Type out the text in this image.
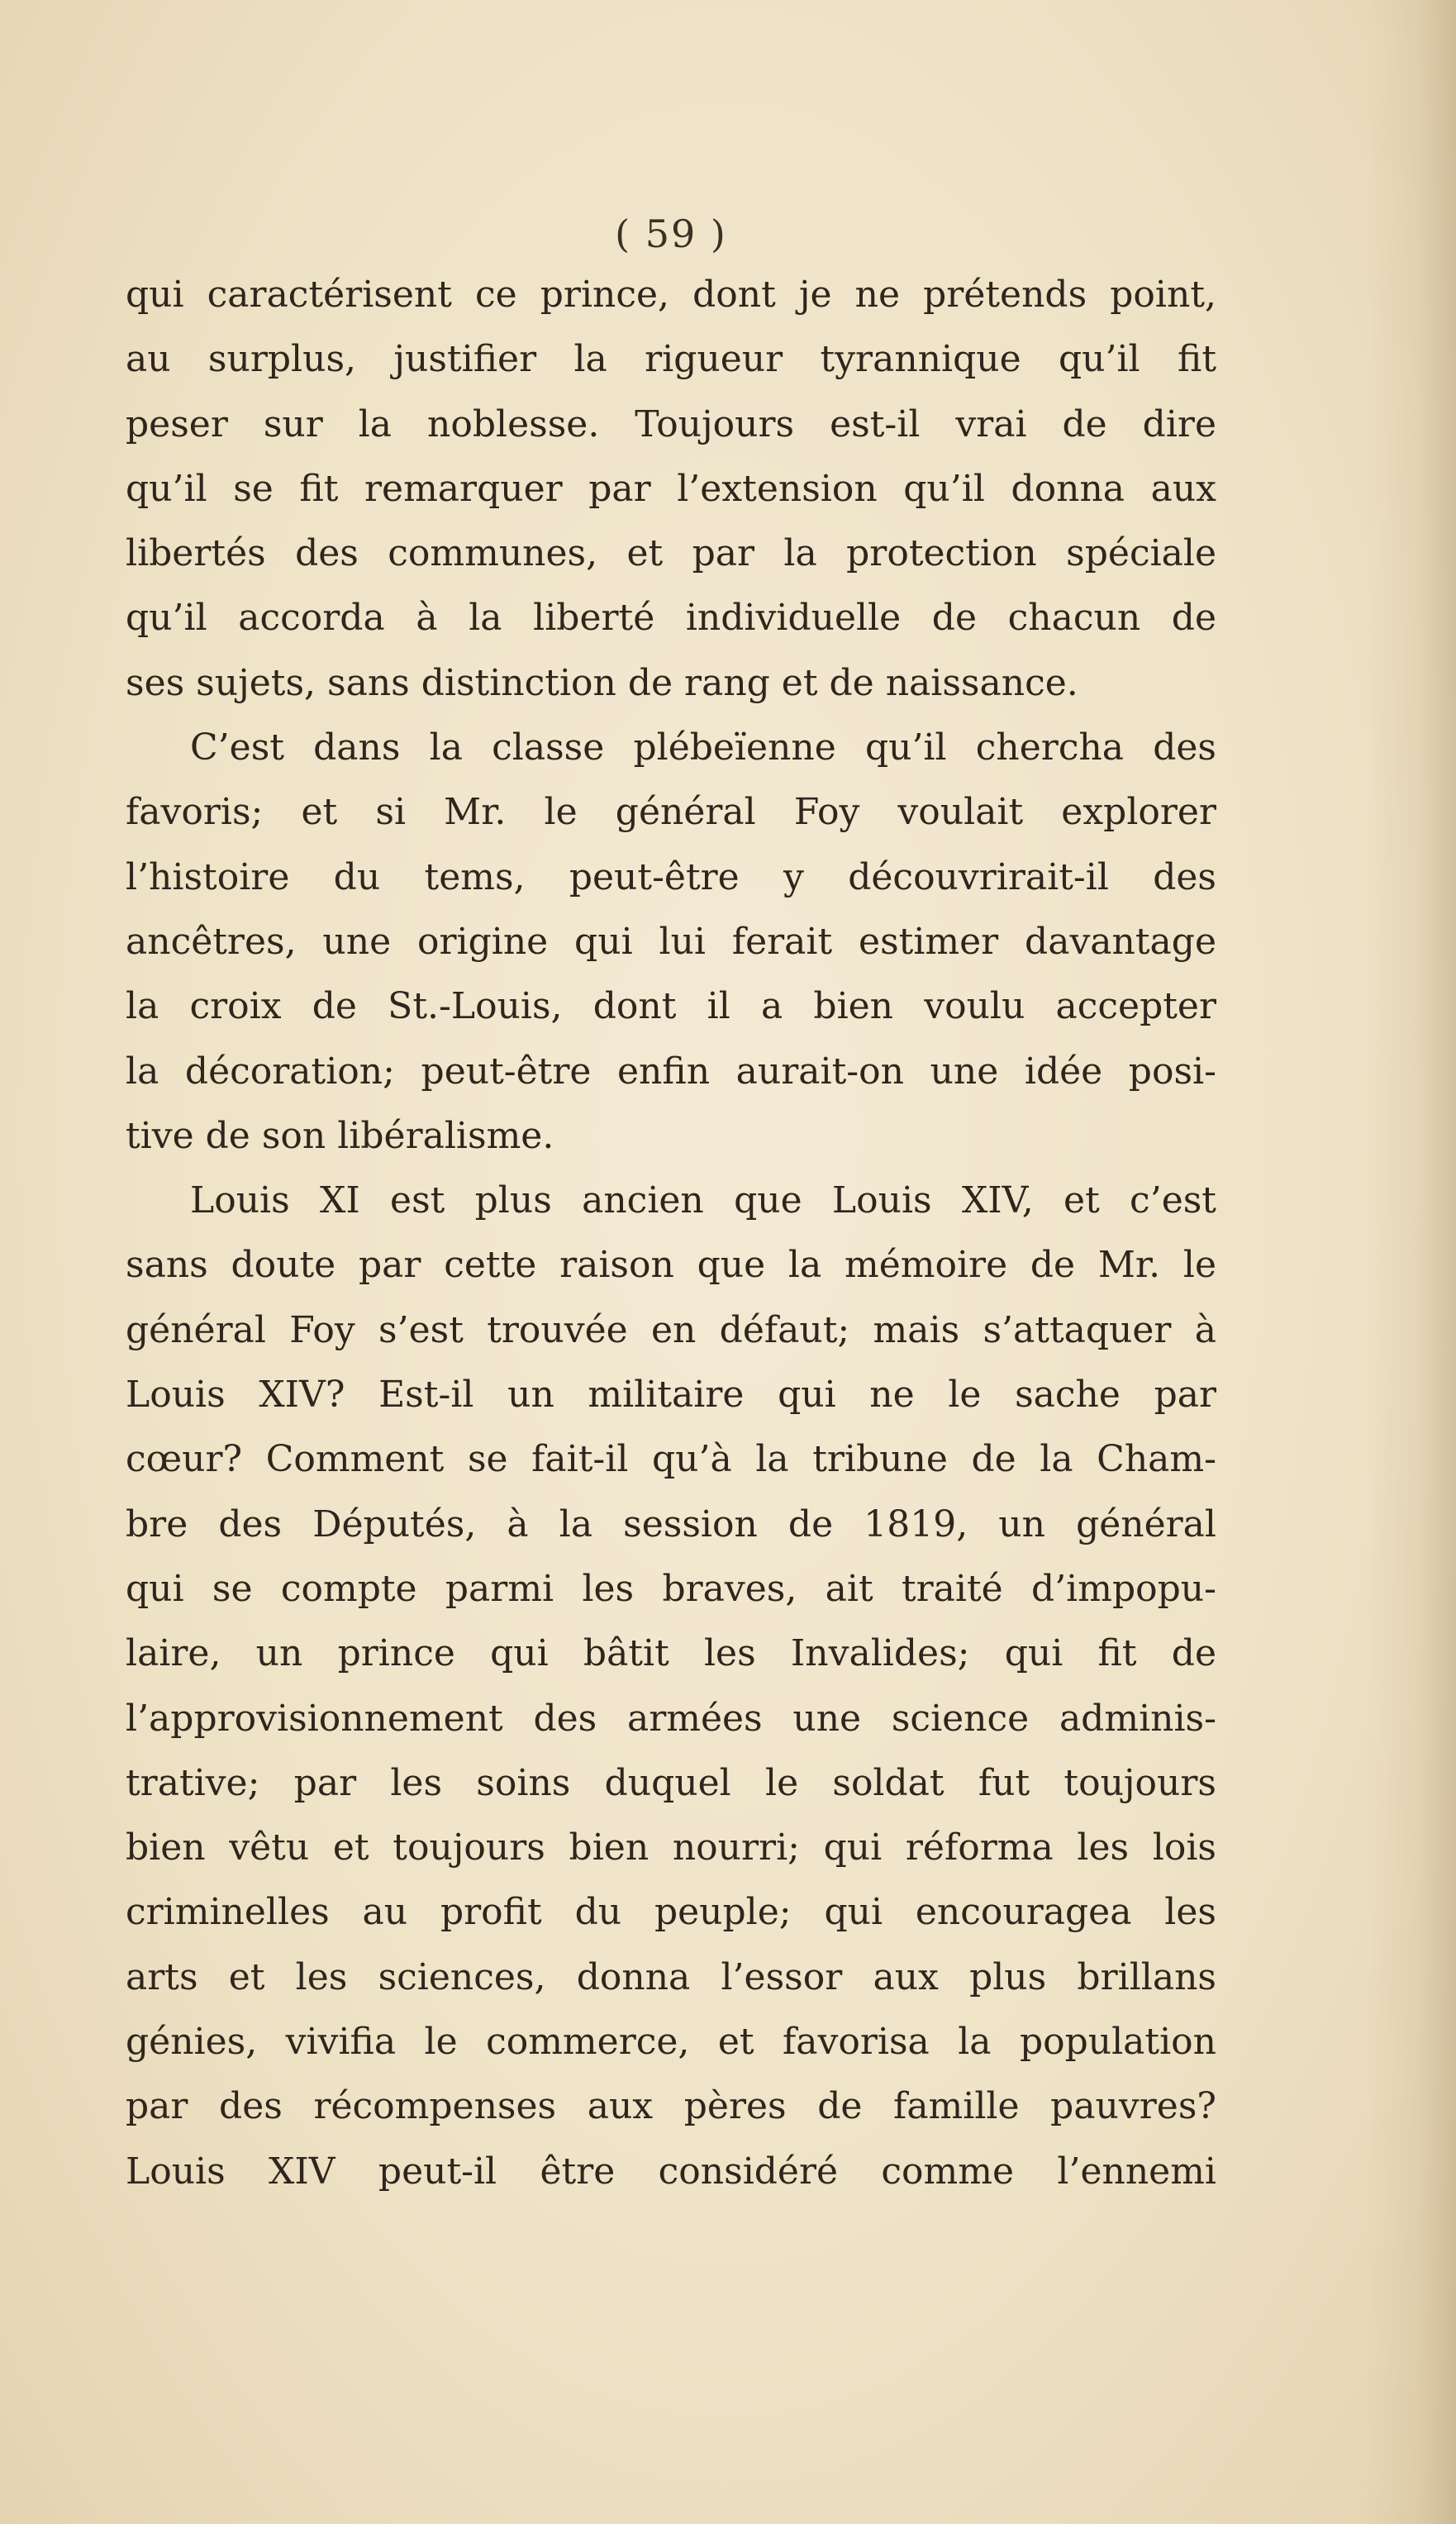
( 59 )
qui caractérisent ce prince, dont je ne prétends point,
au surplus, justifier la rigueur tyrannique qu’il fit
peser sur la noblesse. Toujours est-il vrai de dire
qu’il se fit remarquer par l’extension qu’il donna aux
libertés des communes, et par la protection spéciale
qu’il accorda à la liberté individuelle de chacun de
ses sujets, sans distinction de rang et de naissance.
C’est dans la classe plébeïenne qu’il chercha des
favoris; et si Mr. le général Foy voulait explorer
l’histoire du tems, peut-être y découvrirait-il des
ancêtres, une origine qui lui ferait estimer davantage
la croix de St.-Louis, dont il a bien voulu accepter
la décoration; peut-être enfin aurait-on une idée posi-
tive de son libéralisme.
Louis XI est plus ancien que Louis XIV, et c’est
sans doute par cette raison que la mémoire de Mr. le
général Foy s’est trouvée en défaut; mais s’attaquer à
Louis XIV? Est-il un militaire qui ne le sache par
cœur? Comment se fait-il qu’à la tribune de la Cham-
bre des Députés, à la session de 1819, un général
qui se compte parmi les braves, ait traité d’impopu-
laire, un prince qui bâtit les Invalides; qui fit de
l’approvisionnement des armées une science adminis-
trative; par les soins duquel le soldat fut toujours
bien vêtu et toujours bien nourri; qui réforma les lois
criminelles au profit du peuple; qui encouragea les
arts et les sciences, donna l’essor aux plus brillans
génies, vivifia le commerce, et favorisa la population
par des récompenses aux pères de famille pauvres?
Louis XIV peut-il être considéré comme l’ennemi
